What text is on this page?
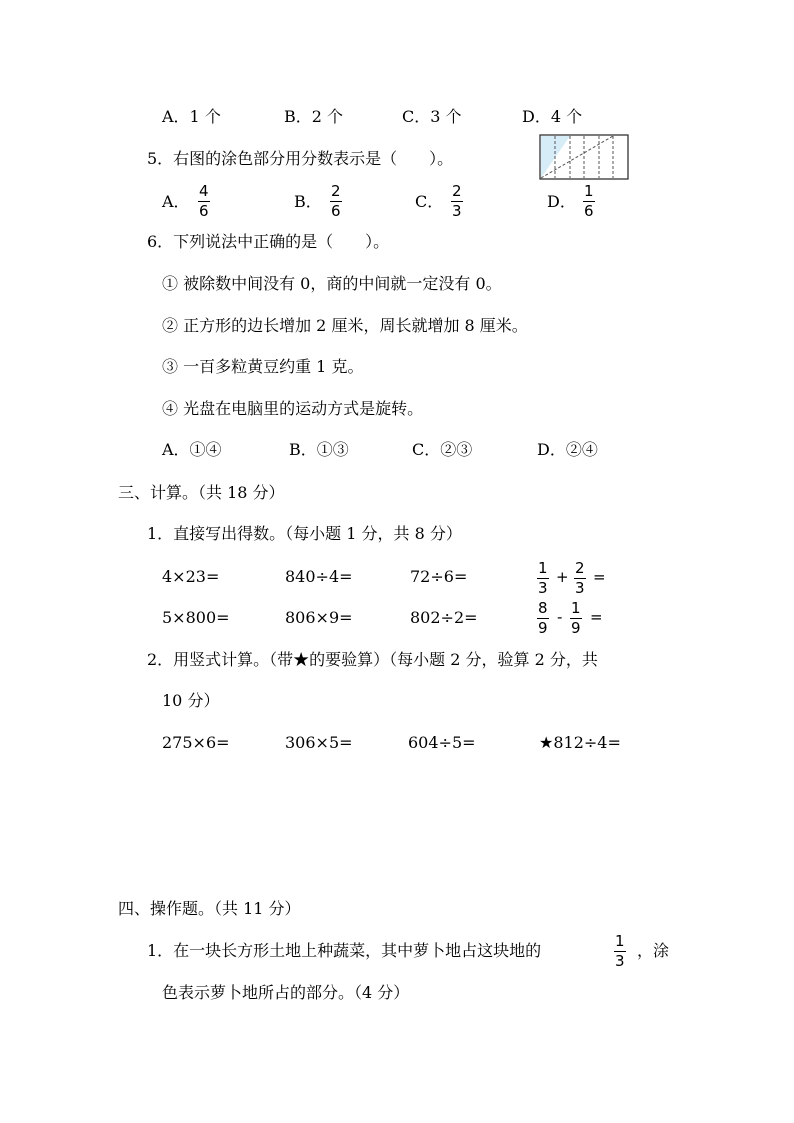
A．1 个	B．2 个	C．3 个	D．4 个
5．右图的涂色部分用分数表示是（　　）。
A． $\frac{4}{6}$	B． $\frac{2}{6}$	C． $\frac{2}{3}$	D． $\frac{1}{6}$
6．下列说法中正确的是（　　）。
① 被除数中间没有 0，商的中间就一定没有 0。
② 正方形的边长增加 2 厘米，周长就增加 8 厘米。
③ 一百多粒黄豆约重 1 克。
④ 光盘在电脑里的运动方式是旋转。
A．①④	B．①③	C．②③	D．②④
三、计算。（共 18 分）
1．直接写出得数。（每小题 1 分，共 8 分）
4×23=	840÷4=	72÷6=	$\frac{1}{3} + \frac{2}{3}$ =
5×800=	806×9=	802÷2=	$\frac{8}{9} - \frac{1}{9}$ =
2．用竖式计算。（带★的要验算）（每小题 2 分，验算 2 分，共
10 分）
275×6=	306×5=	604÷5=	★812÷4=
四、操作题。（共 11 分）
1．在一块长方形土地上种蔬菜，其中萝卜地占这块地的	$\frac{1}{3}$ ，涂
色表示萝卜地所占的部分。（4 分）
